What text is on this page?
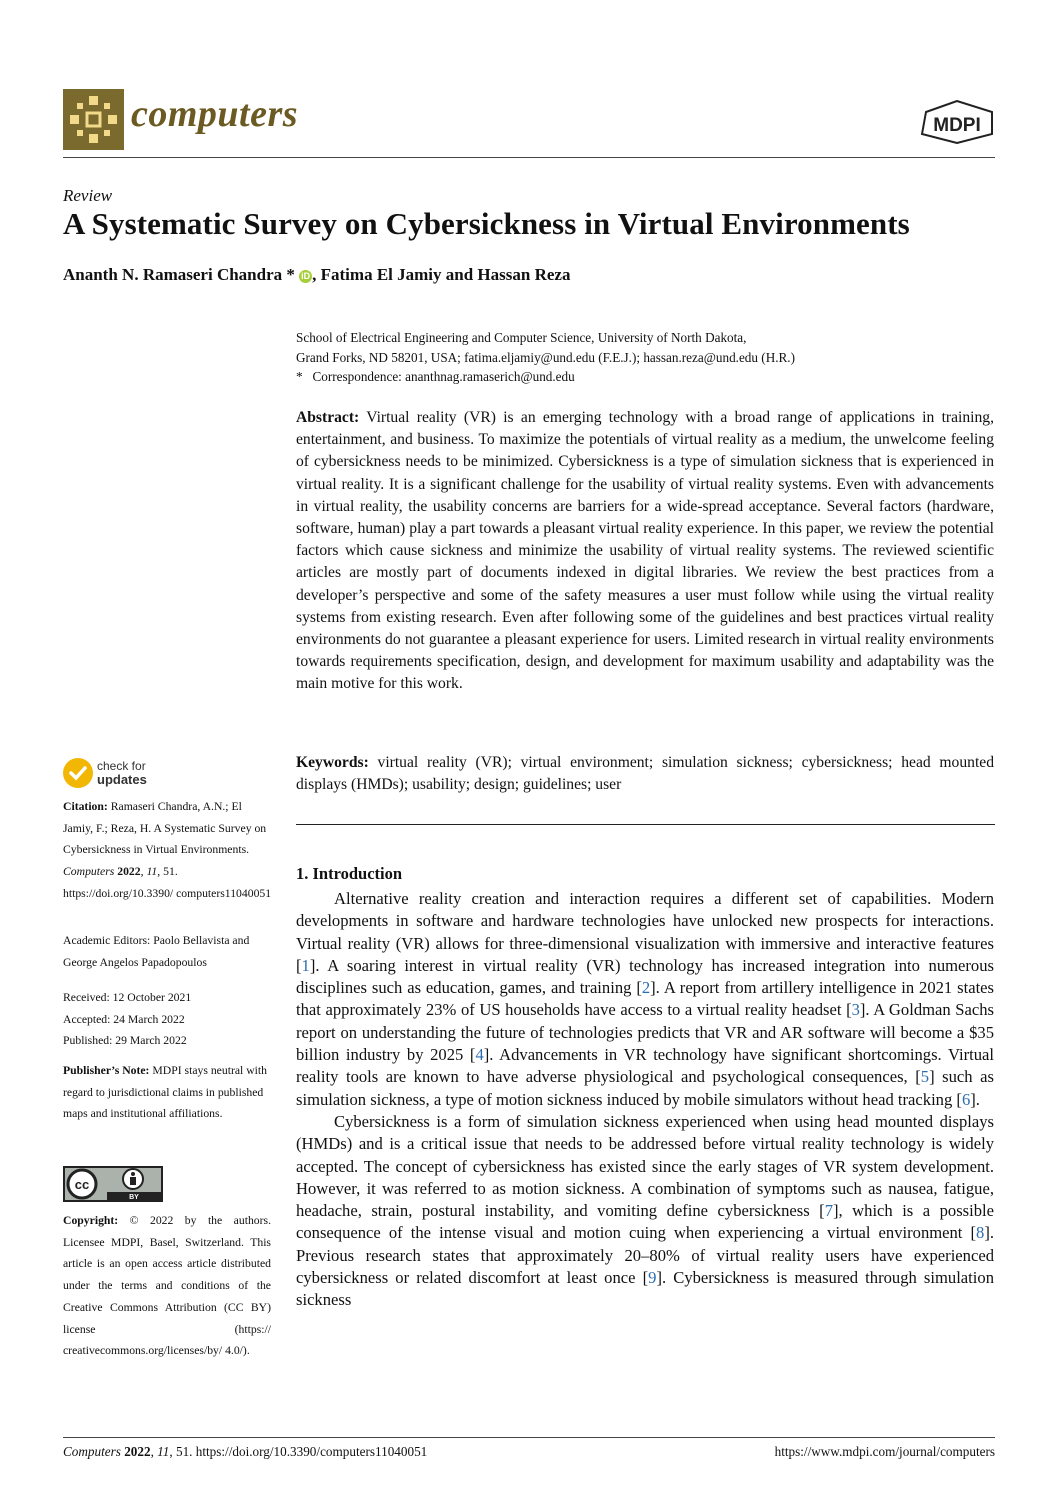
computers	MDPI
Review
A Systematic Survey on Cybersickness in Virtual Environments
Ananth N. Ramaseri Chandra * iD , Fatima El Jamiy and Hassan Reza
School of Electrical Engineering and Computer Science, University of North Dakota,
Grand Forks, ND 58201, USA; fatima.eljamiy@und.edu (F.E.J.); hassan.reza@und.edu (H.R.)
*   Correspondence: ananthnag.ramaserich@und.edu
Abstract: Virtual reality (VR) is an emerging technology with a broad range of applications in training, entertainment, and business. To maximize the potentials of virtual reality as a medium, the unwelcome feeling of cybersickness needs to be minimized. Cybersickness is a type of simulation sickness that is experienced in virtual reality. It is a significant challenge for the usability of virtual reality systems. Even with advancements in virtual reality, the usability concerns are barriers for a wide-spread acceptance. Several factors (hardware, software, human) play a part towards a pleasant virtual reality experience. In this paper, we review the potential factors which cause sickness and minimize the usability of virtual reality systems. The reviewed scientific articles are mostly part of documents indexed in digital libraries. We review the best practices from a developer’s perspective and some of the safety measures a user must follow while using the virtual reality systems from existing research. Even after following some of the guidelines and best practices virtual reality environments do not guarantee a pleasant experience for users. Limited research in virtual reality environments towards requirements specification, design, and development for maximum usability and adaptability was the main motive for this work.
Keywords: virtual reality (VR); virtual environment; simulation sickness; cybersickness; head mounted displays (HMDs); usability; design; guidelines; user
1. Introduction

Alternative reality creation and interaction requires a different set of capabilities. Modern developments in software and hardware technologies have unlocked new prospects for interactions. Virtual reality (VR) allows for three-dimensional visualization with immersive and interactive features [1]. A soaring interest in virtual reality (VR) technology has increased integration into numerous disciplines such as education, games, and training [2]. A report from artillery intelligence in 2021 states that approximately 23% of US households have access to a virtual reality headset [3]. A Goldman Sachs report on understanding the future of technologies predicts that VR and AR software will become a $35 billion industry by 2025 [4]. Advancements in VR technology have significant shortcomings. Virtual reality tools are known to have adverse physiological and psychological consequences, [5] such as simulation sickness, a type of motion sickness induced by mobile simulators without head tracking [6].

Cybersickness is a form of simulation sickness experienced when using head mounted displays (HMDs) and is a critical issue that needs to be addressed before virtual reality technology is widely accepted. The concept of cybersickness has existed since the early stages of VR system development. However, it was referred to as motion sickness. A combination of symptoms such as nausea, fatigue, headache, strain, postural instability, and vomiting define cybersickness [7], which is a possible consequence of the intense visual and motion cuing when experiencing a virtual environment [8]. Previous research states that approximately 20–80% of virtual reality users have experienced cybersickness or related discomfort at least once [9]. Cybersickness is measured through simulation sickness

check for
updates
Citation: Ramaseri Chandra, A.N.; El Jamiy, F.; Reza, H. A Systematic Survey on Cybersickness in Virtual Environments. Computers 2022, 11, 51. https://doi.org/10.3390/ computers11040051
Academic Editors: Paolo Bellavista and George Angelos Papadopoulos
Received: 12 October 2021
Accepted: 24 March 2022
Published: 29 March 2022
Publisher’s Note: MDPI stays neutral with regard to jurisdictional claims in published maps and institutional affiliations.
cc
BY
Copyright: © 2022 by the authors. Licensee MDPI, Basel, Switzerland. This article is an open access article distributed under the terms and conditions of the Creative Commons Attribution (CC BY) license (https:// creativecommons.org/licenses/by/ 4.0/).
Computers 2022, 11, 51. https://doi.org/10.3390/computers11040051	https://www.mdpi.com/journal/computers
